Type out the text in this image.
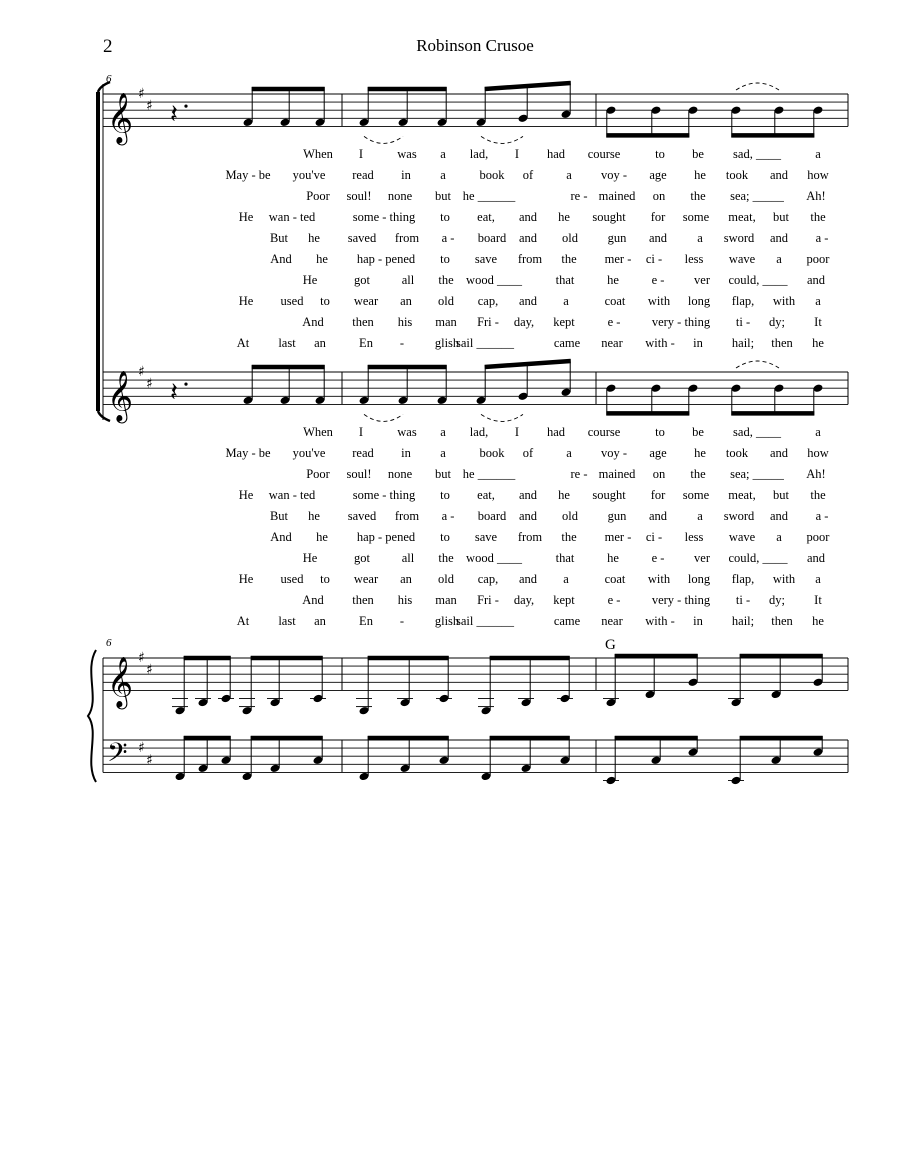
2	Robinson Crusoe
6
6	G
𝄞 ♯
♯ 𝄽
𝄞 ♯
♯ 𝄽
𝄞 ♯
♯
𝄢 ♯
♯
When I	was a lad, I had course	to be sad, ____	a
May - be you've read in a	book of	a voy - age he took and how
Poor soul! none but he ______	re - mained on the sea; _____ Ah!
He wan - ted	some - thing to eat, and he sought for some meat, but the
But he saved from a - board and old gun and a sword and a -
And he hap - pened to save from the mer - ci - less wave a poor
He	got	all the wood ____	that	he	e - ver could, ____ and
He used to wear an old cap, and a	coat with long flap, with a
And then his man Fri - day, kept	e -	very - thing ti - dy; It
At last an	En - glish
sail ______	came near with - in hail; then he
When I	was a lad, I had course	to be sad, ____	a
May - be you've read in a	book of	a voy - age he took and how
Poor soul! none but he ______	re - mained on the sea; _____ Ah!
He wan - ted	some - thing to eat, and he sought for some meat, but the
But he saved from a - board and old gun and a sword and a -
And he hap - pened to save from the mer - ci - less wave a poor
He	got	all the wood ____	that	he	e - ver could, ____ and
He used to wear an old cap, and a	coat with long flap, with a
And then his man Fri - day, kept	e -	very - thing ti - dy; It
At last an	En - glish
sail ______	came near with - in hail; then he
